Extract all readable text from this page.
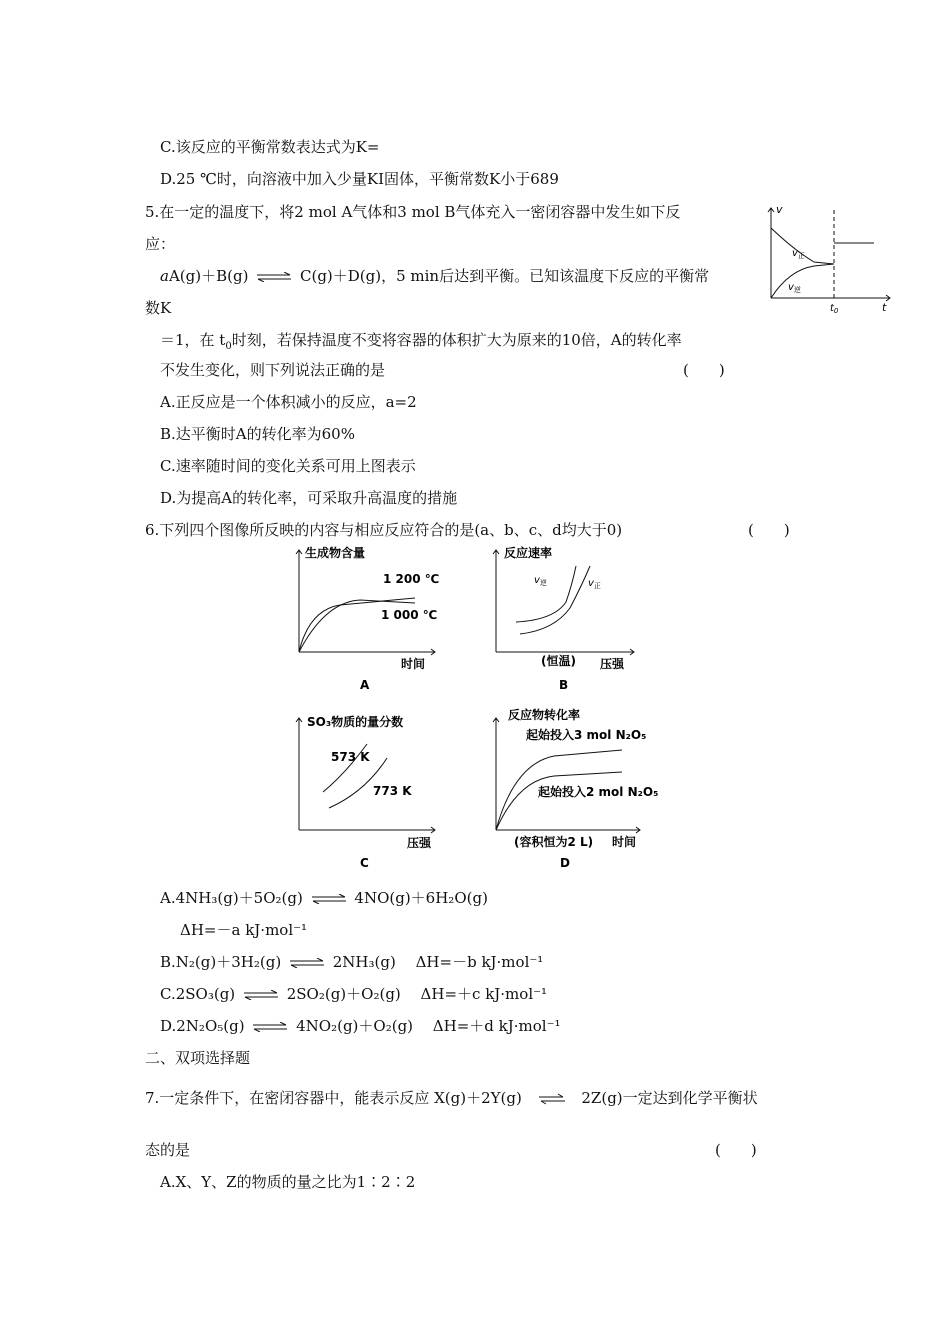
C.该反应的平衡常数表达式为K=
D.25 ℃时，向溶液中加入少量KI固体，平衡常数K小于689
5.在一定的温度下，将2 mol A气体和3 mol B气体充入一密闭容器中发生如下反
应：
aA(g)＋B(g) ⇌ C(g)＋D(g)，5 min后达到平衡。已知该温度下反应的平衡常
数K
＝1，在 $t_0$时刻，若保持温度不变将容器的体积扩大为原来的10倍，A的转化率
不发生变化，则下列说法正确的是	(　　)
A.正反应是一个体积减小的反应，a=2
B.达平衡时A的转化率为60%
C.速率随时间的变化关系可用上图表示
D.为提高A的转化率，可采取升高温度的措施
v
t
$t_0$
$v_正$
$v_逆$
6.下列四个图像所反映的内容与相应反应符合的是(a、b、c、d均大于0)	(　　)
生成物含量
时间
1 200 ℃
1 000 ℃
A
反应速率
压强
(恒温)
$v_逆$	$v_正$
B
SO₃物质的量分数
压强
573 K
773 K
C
反应物转化率
时间
(容积恒为2 L)
起始投入3 mol N₂O₅
起始投入2 mol N₂O₅
D
A.4NH₃(g)＋5O₂(g) ⇌ 4NO(g)＋6H₂O(g)
ΔH=－a kJ·mol⁻¹
B.N₂(g)＋3H₂(g) ⇌ 2NH₃(g)　 ΔH=－b kJ·mol⁻¹
C.2SO₃(g) ⇌ 2SO₂(g)＋O₂(g)　 ΔH=＋c kJ·mol⁻¹
D.2N₂O₅(g) ⇌ 4NO₂(g)＋O₂(g)　 ΔH=＋d kJ·mol⁻¹
二、双项选择题
7.一定条件下，在密闭容器中，能表示反应 X(g)＋2Y(g) ⇌ 2Z(g)一定达到化学平衡状
态的是	(　　)
A.X、Y、Z的物质的量之比为1∶2∶2
